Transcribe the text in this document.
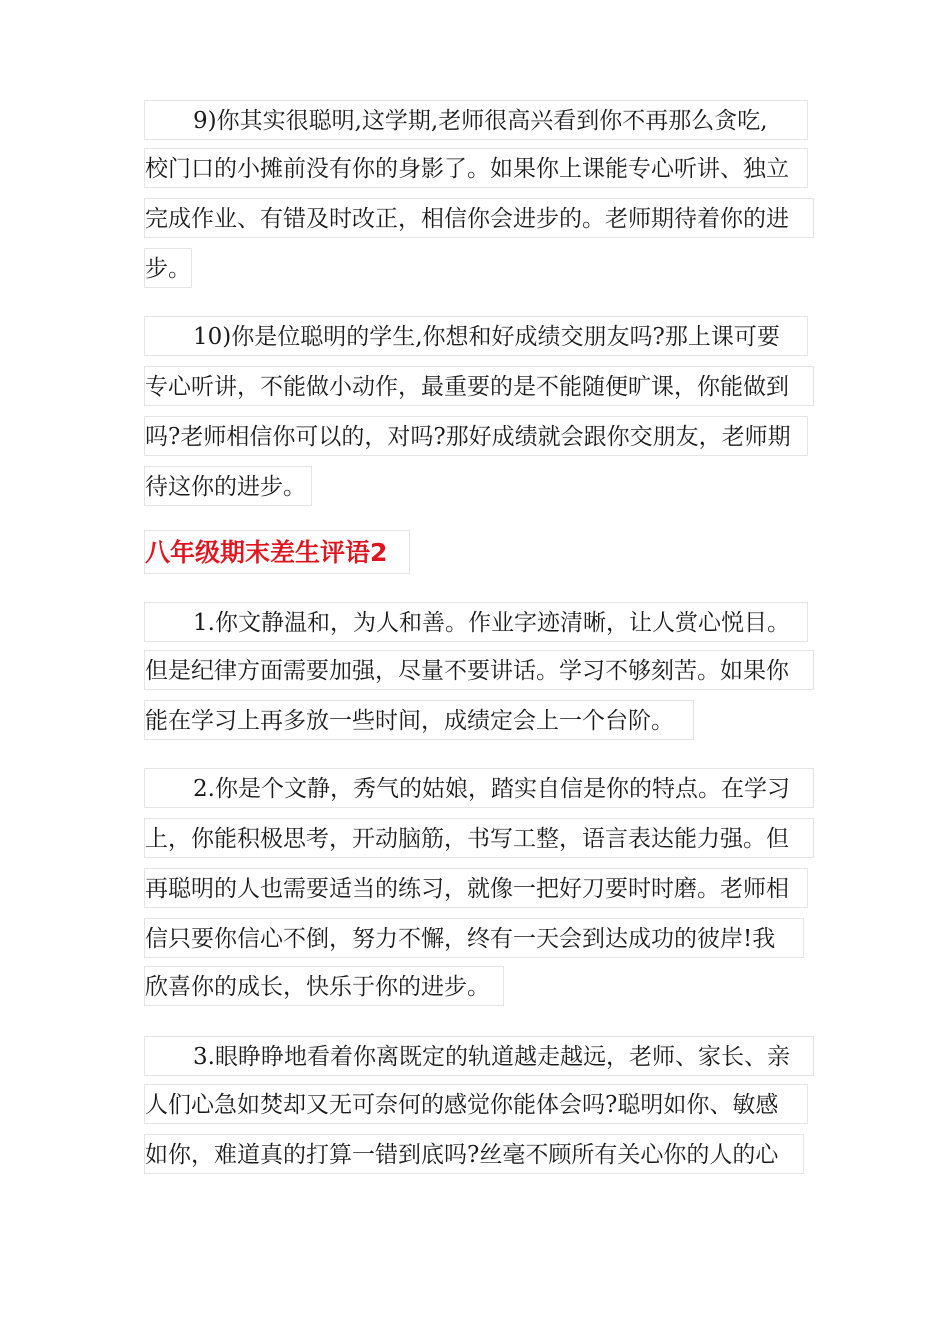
9)你其实很聪明,这学期,老师很高兴看到你不再那么贪吃,
校门口的小摊前没有你的身影了。如果你上课能专心听讲、独立
完成作业、有错及时改正，相信你会进步的。老师期待着你的进
步。
10)你是位聪明的学生,你想和好成绩交朋友吗?那上课可要
专心听讲，不能做小动作，最重要的是不能随便旷课，你能做到
吗?老师相信你可以的，对吗?那好成绩就会跟你交朋友，老师期
待这你的进步。
八年级期末差生评语2
1.你文静温和，为人和善。作业字迹清晰，让人赏心悦目。
但是纪律方面需要加强，尽量不要讲话。学习不够刻苦。如果你
能在学习上再多放一些时间，成绩定会上一个台阶。
2.你是个文静，秀气的姑娘，踏实自信是你的特点。在学习
上，你能积极思考，开动脑筋，书写工整，语言表达能力强。但
再聪明的人也需要适当的练习，就像一把好刀要时时磨。老师相
信只要你信心不倒，努力不懈，终有一天会到达成功的彼岸!我
欣喜你的成长，快乐于你的进步。
3.眼睁睁地看着你离既定的轨道越走越远，老师、家长、亲
人们心急如焚却又无可奈何的感觉你能体会吗?聪明如你、敏感
如你，难道真的打算一错到底吗?丝毫不顾所有关心你的人的心
